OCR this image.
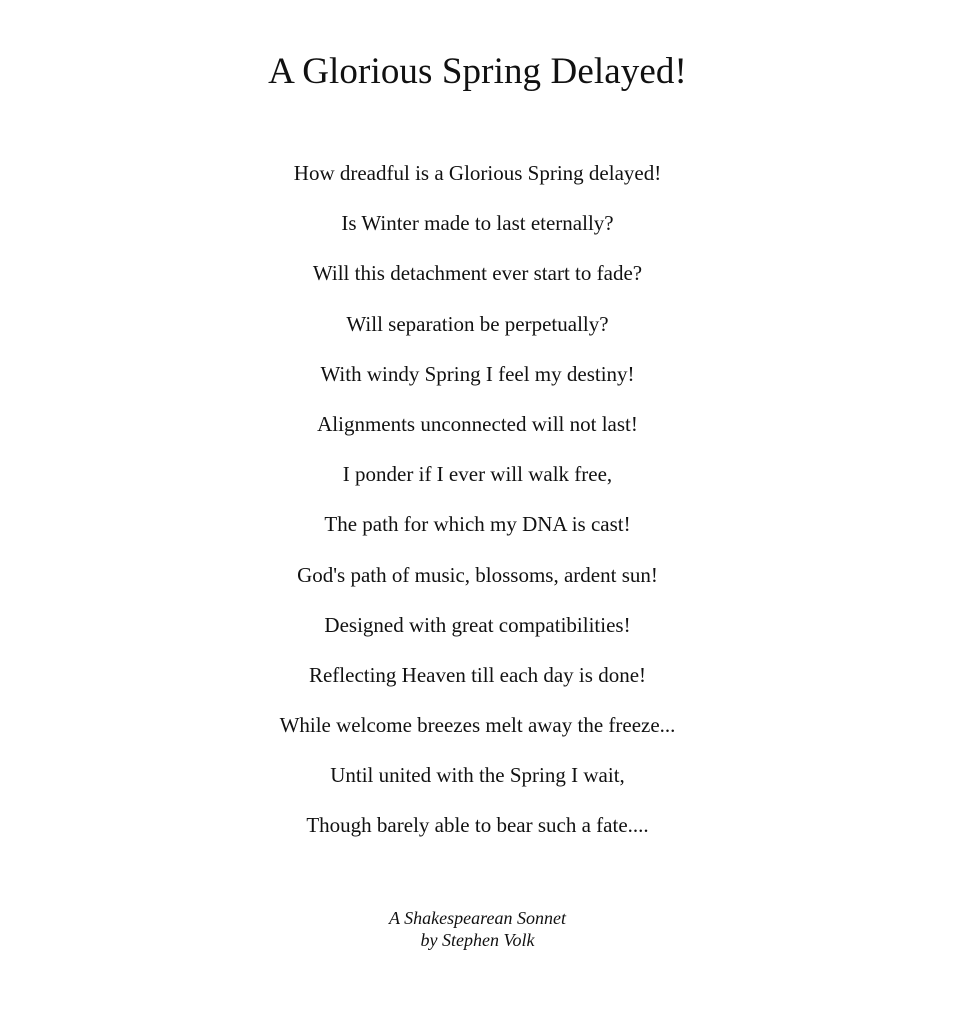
A Glorious Spring Delayed!
How dreadful is a Glorious Spring delayed!
Is Winter made to last eternally?
Will this detachment ever start to fade?
Will separation be perpetually?
With windy Spring I feel my destiny!
Alignments unconnected will not last!
I ponder if I ever will walk free,
The path for which my DNA is cast!
God's path of music, blossoms, ardent sun!
Designed with great compatibilities!
Reflecting Heaven till each day is done!
While welcome breezes melt away the freeze...
Until united with the Spring I wait,
Though barely able to bear such a fate....
A Shakespearean Sonnet
by Stephen Volk
